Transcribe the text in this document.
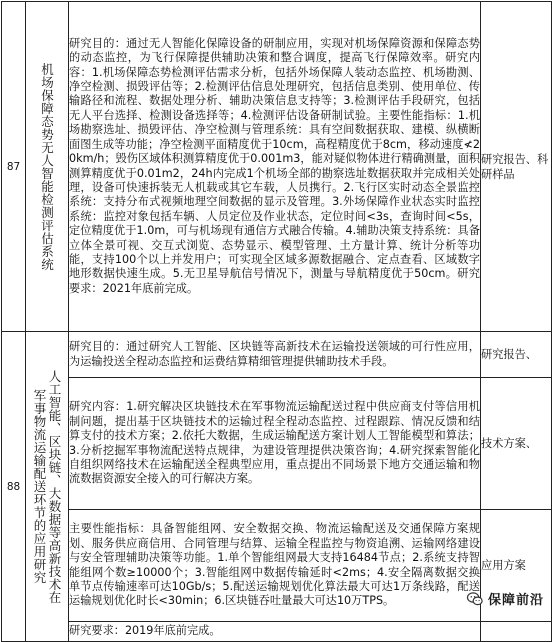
87	机场保障态势无人智能检测评估系统	研究目的：通过无人智能化保障设备的研制应用，实现对机场保障资源和保障态势的动态监控，为飞行保障提供辅助决策和整合调度，提高飞行保障效率。研究内容：1.机场保障态势检测评估需求分析，包括外场保障人装动态监控、机场勘测、净空检测、损毁评估等；2.检测评估信息处理研究，包括信息类别、使用单位、传输路径和流程、数据处理分析、辅助决策信息支持等；3.检测评估手段研究，包括无人平台选择、检测设备选择等；4.检测评估设备研制试验。主要性能指标：1.机场勘察选址、损毁评估、净空检测与管理系统：具有空间数据获取、建模、纵横断面图生成等功能；净空检测平面精度优于10cm，高程精度优于8cm，移动速度≮20km/h；毁伤区域体积测算精度优于0.001m3，能对疑似物体进行精确测量，面积测算精度优于0.01m2，24h内完成1个机场全部的勘察选址数据获取并完成相关处理，设备可快速拆装无人机载或其它车载，人员携行。2.飞行区实时动态全景监控系统：支持分布式视频地理空间数据的显示及管理。3.外场保障作业状态实时监控系统：监控对象包括车辆、人员定位及作业状态，定位时间<3s，查询时间<5s，定位精度优于1.0m，可与机场现有通信方式融合传输。4.辅助决策支持系统：具备立体全景可视、交互式浏览、态势显示、模型管理、土方量计算、统计分析等功能，支持100个以上并发用户；可实现全区域多源数据融合、定点查看、区域数字地形数据快速生成。5.无卫星导航信号情况下，测量与导航精度优于50cm。研究要求：2021年底前完成。	研究报告、科研样品
88	军事物流运输配送环节的应用研究 人工智能、区块链、大数据等高新技术在	研究目的：通过研究人工智能、区块链等高新技术在运输投送领域的可行性应用，为运输投送全程动态监控和运费结算精细管理提供辅助技术手段。	研究报告、

		研究内容：1.研究解决区块链技术在军事物流运输配送过程中供应商支付等信用机制问题，提出基于区块链技术的运输过程全程动态监控、过程跟踪、情况反馈和结算支付的技术方案；2.依托大数据，生成运输配送方案计划人工智能模型和算法；3.分析挖掘军事物流配送特点规律，为建设管理提供决策咨询；4.研究探索智能化自组织网络技术在运输配送全程典型应用，重点提出不同场景下地方交通运输和物流数据资源安全接入的可行解决方案。	技术方案、

		主要性能指标：具备智能组网、安全数据交换、物流运输配送及交通保障方案规划、服务供应商信用、合同管理与结算、运输全程监控与物资追溯、运输网络建设与安全管理辅助决策等功能。1.单个智能组网最大支持16484节点；2.系统支持智能组网个数≥10000个；3.智能组网中数据传输延时<2ms；4.安全隔离数据交换单节点传输速率可达10Gb/s；5.配送运输规划优化算法最大可达1万条线路，配送运输规划优化时长<30min；6.区块链吞吐量最大可达10万TPS。	应用方案

		研究要求：2019年底前完成。	

保障前沿
